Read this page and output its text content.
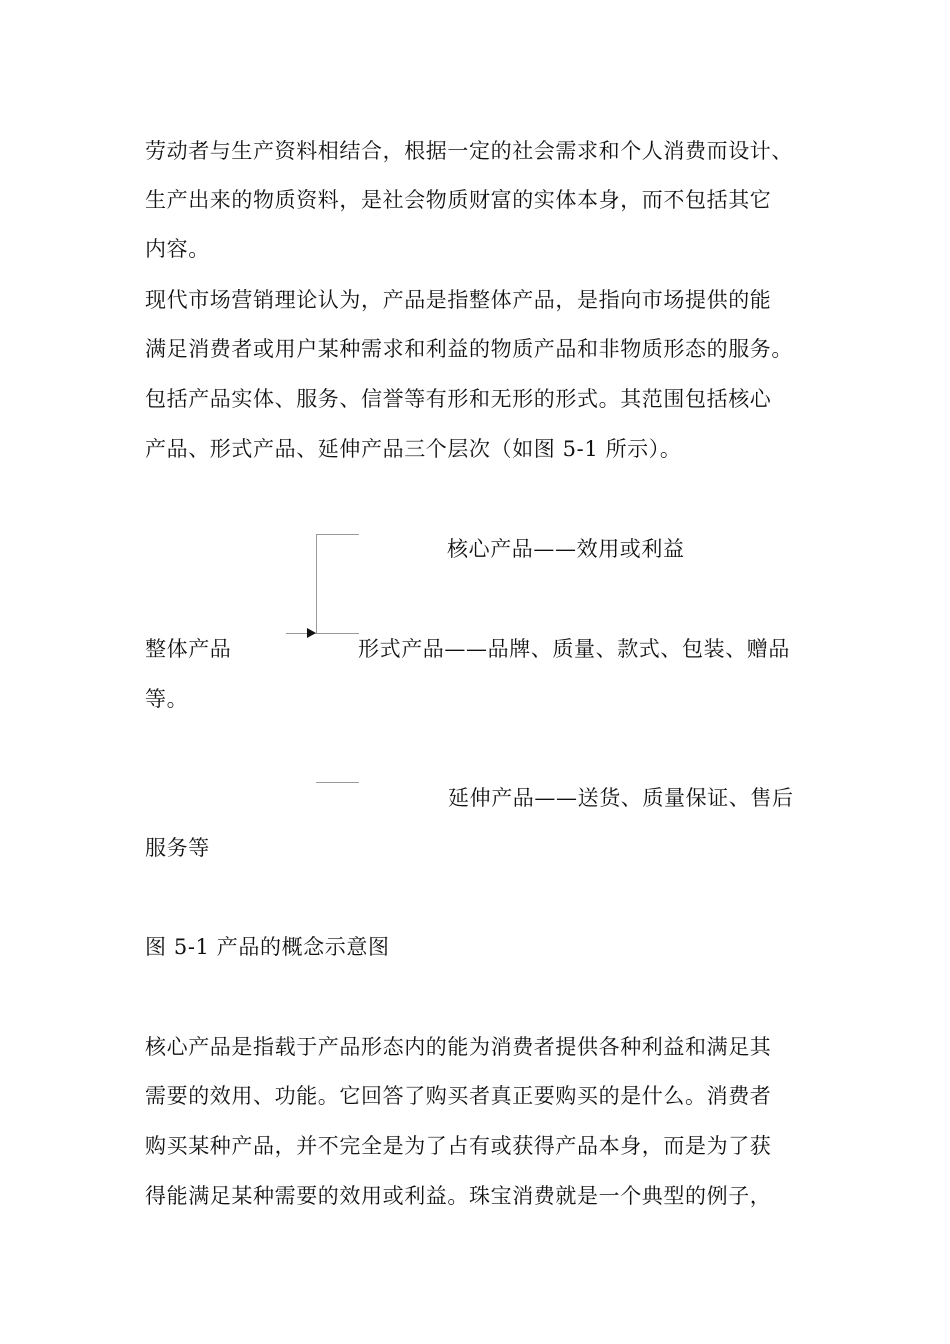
劳动者与生产资料相结合，根据一定的社会需求和个人消费而设计、
生产出来的物质资料，是社会物质财富的实体本身，而不包括其它
内容。
现代市场营销理论认为，产品是指整体产品，是指向市场提供的能
满足消费者或用户某种需求和利益的物质产品和非物质形态的服务。
包括产品实体、服务、信誉等有形和无形的形式。其范围包括核心
产品、形式产品、延伸产品三个层次（如图 5-1 所示）。
核心产品——效用或利益
整体产品	形式产品——品牌、质量、款式、包装、赠品
等。
延伸产品——送货、质量保证、售后
服务等
图 5-1 产品的概念示意图
核心产品是指载于产品形态内的能为消费者提供各种利益和满足其
需要的效用、功能。它回答了购买者真正要购买的是什么。消费者
购买某种产品，并不完全是为了占有或获得产品本身，而是为了获
得能满足某种需要的效用或利益。珠宝消费就是一个典型的例子，
